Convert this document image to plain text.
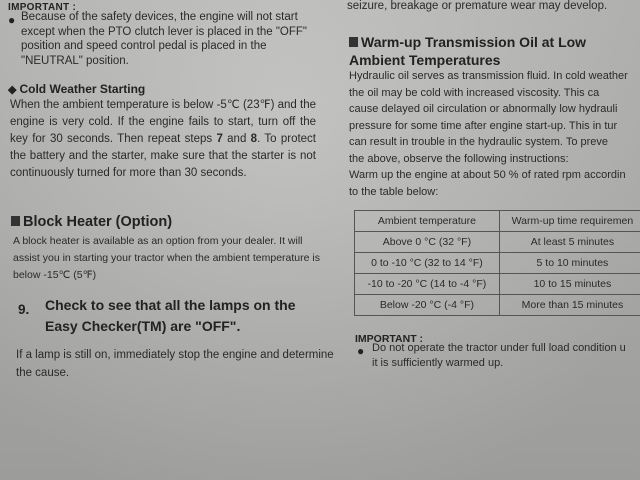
IMPORTANT :
● Because of the safety devices, the engine will not start except when the PTO clutch lever is placed in the "OFF" position and speed control pedal is placed in the "NEUTRAL" position.
◆ Cold Weather Starting
When the ambient temperature is below -5℃ (23℉) and the engine is very cold. If the engine fails to start, turn off the key for 30 seconds. Then repeat steps 7 and 8. To protect the battery and the starter, make sure that the starter is not continuously turned for more than 30 seconds.
Block Heater (Option)
A block heater is available as an option from your dealer. It will assist you in starting your tractor when the ambient temperature is below -15℃ (5℉)
9. Check to see that all the lamps on the Easy Checker(TM) are "OFF".
If a lamp is still on, immediately stop the engine and determine the cause.
seizure, breakage or premature wear may develop.
Warm-up Transmission Oil at Low Ambient Temperatures
Hydraulic oil serves as transmission fluid. In cold weather
the oil may be cold with increased viscosity. This ca
cause delayed oil circulation or abnormally low hydrauli
pressure for some time after engine start-up. This in tur
can result in trouble in the hydraulic system. To preve
the above, observe the following instructions:
Warm up the engine at about 50 % of rated rpm accordin
to the table below:
Ambient temperature	Warm-up time requiremen
Above 0 °C (32 °F)	At least 5 minutes
0 to -10 °C (32 to 14 °F)	5 to 10 minutes
-10 to -20 °C (14 to -4 °F)	10 to 15 minutes
Below -20 °C (-4 °F)	More than 15 minutes
IMPORTANT :
● Do not operate the tractor under full load condition u
it is sufficiently warmed up.
